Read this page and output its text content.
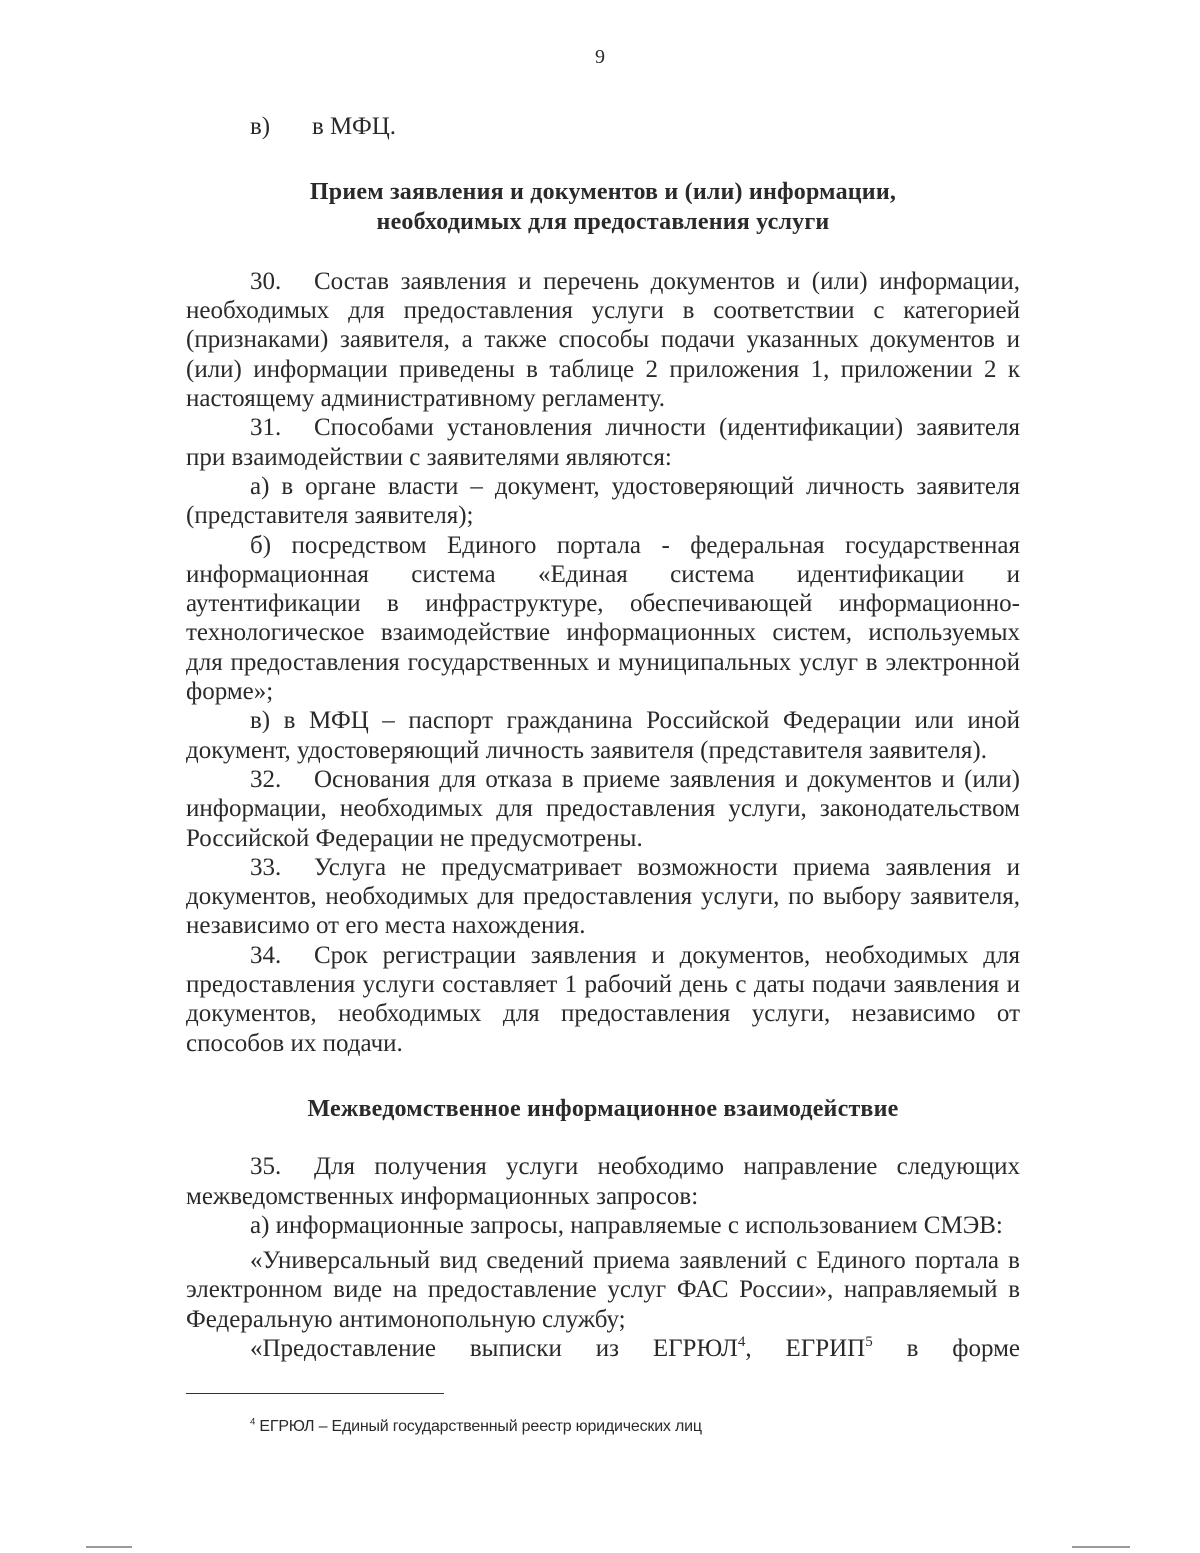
9

в) в МФЦ.

Прием заявления и документов и (или) информации,

необходимых для предоставления услуги

30. Состав заявления и перечень документов и (или) информации, необходимых для предоставления услуги в соответствии с категорией (признаками) заявителя, а также способы подачи указанных документов и (или) информации приведены в таблице 2 приложения 1, приложении 2 к настоящему административному регламенту.

31. Способами установления личности (идентификации) заявителя при взаимодействии с заявителями являются:

а) в органе власти – документ, удостоверяющий личность заявителя (представителя заявителя);

б) посредством Единого портала - федеральная государственная информационная система «Единая система идентификации и аутентификации в инфраструктуре, обеспечивающей информационно-технологическое взаимодействие информационных систем, используемых для предоставления государственных и муниципальных услуг в электронной форме»;

в) в МФЦ – паспорт гражданина Российской Федерации или иной документ, удостоверяющий личность заявителя (представителя заявителя).

32. Основания для отказа в приеме заявления и документов и (или) информации, необходимых для предоставления услуги, законодательством Российской Федерации не предусмотрены.

33. Услуга не предусматривает возможности приема заявления и документов, необходимых для предоставления услуги, по выбору заявителя, независимо от его места нахождения.

34. Срок регистрации заявления и документов, необходимых для предоставления услуги составляет 1 рабочий день с даты подачи заявления и документов, необходимых для предоставления услуги, независимо от способов их подачи.

Межведомственное информационное взаимодействие

35. Для получения услуги необходимо направление следующих межведомственных информационных запросов:

а) информационные запросы, направляемые с использованием СМЭВ:

«Универсальный вид сведений приема заявлений с Единого портала в электронном виде на предоставление услуг ФАС России», направляемый в Федеральную антимонопольную службу;

«Предоставление выписки из ЕГРЮЛ$^4$, ЕГРИП$^5$ в форме

$^4$ ЕГРЮЛ – Единый государственный реестр юридических лиц
